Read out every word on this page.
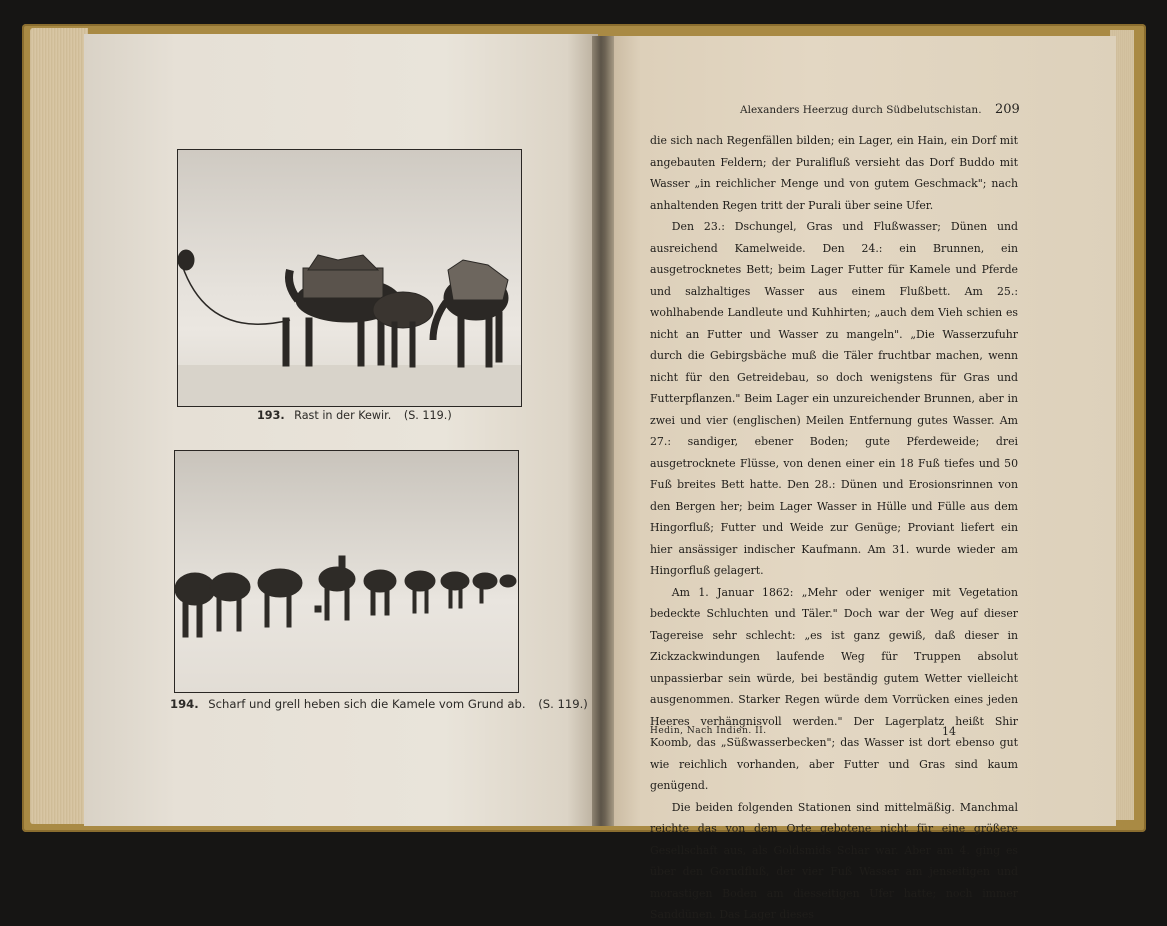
193. Rast in der Kewir. (S. 119.)
194. Scharf und grell heben sich die Kamele vom Grund ab. (S. 119.)
Alexanders Heerzug durch Südbelutschistan. 209

die sich nach Regenfällen bilden; ein Lager, ein Hain, ein Dorf mit angebauten Feldern; der Puralifluß versieht das Dorf Buddo mit Wasser „in reichlicher Menge und von gutem Geschmack"; nach anhaltenden Regen tritt der Purali über seine Ufer.

Den 23.: Dschungel, Gras und Flußwasser; Dünen und ausreichend Kamelweide. Den 24.: ein Brunnen, ein ausgetrocknetes Bett; beim Lager Futter für Kamele und Pferde und salzhaltiges Wasser aus einem Flußbett. Am 25.: wohlhabende Landleute und Kuhhirten; „auch dem Vieh schien es nicht an Futter und Wasser zu mangeln". „Die Wasserzufuhr durch die Gebirgsbäche muß die Täler fruchtbar machen, wenn nicht für den Getreidebau, so doch wenigstens für Gras und Futterpflanzen." Beim Lager ein unzureichender Brunnen, aber in zwei und vier (englischen) Meilen Entfernung gutes Wasser. Am 27.: sandiger, ebener Boden; gute Pferdeweide; drei ausgetrocknete Flüsse, von denen einer ein 18 Fuß tiefes und 50 Fuß breites Bett hatte. Den 28.: Dünen und Erosionsrinnen von den Bergen her; beim Lager Wasser in Hülle und Fülle aus dem Hingorfluß; Futter und Weide zur Genüge; Proviant liefert ein hier ansässiger indischer Kaufmann. Am 31. wurde wieder am Hingorfluß gelagert.

Am 1. Januar 1862: „Mehr oder weniger mit Vegetation bedeckte Schluchten und Täler." Doch war der Weg auf dieser Tagereise sehr schlecht: „es ist ganz gewiß, daß dieser in Zickzackwindungen laufende Weg für Truppen absolut unpassierbar sein würde, bei beständig gutem Wetter vielleicht ausgenommen. Starker Regen würde dem Vorrücken eines jeden Heeres verhängnisvoll werden." Der Lagerplatz heißt Shir Koomb, das „Süßwasserbecken"; das Wasser ist dort ebenso gut wie reichlich vorhanden, aber Futter und Gras sind kaum genügend.

Die beiden folgenden Stationen sind mittelmäßig. Manchmal reichte das von dem Orte gebotene nicht für eine größere Gesellschaft aus, als Goldsmids Schar war. Aber am 4. ging es über den Gorudfluß, der vier Fuß Wasser am jenseitigen und morastigen Boden am diesseitigen Ufer hatte; noch immer Sanddünen. Das Lager dieses

Hedin, Nach Indien. II.	14
